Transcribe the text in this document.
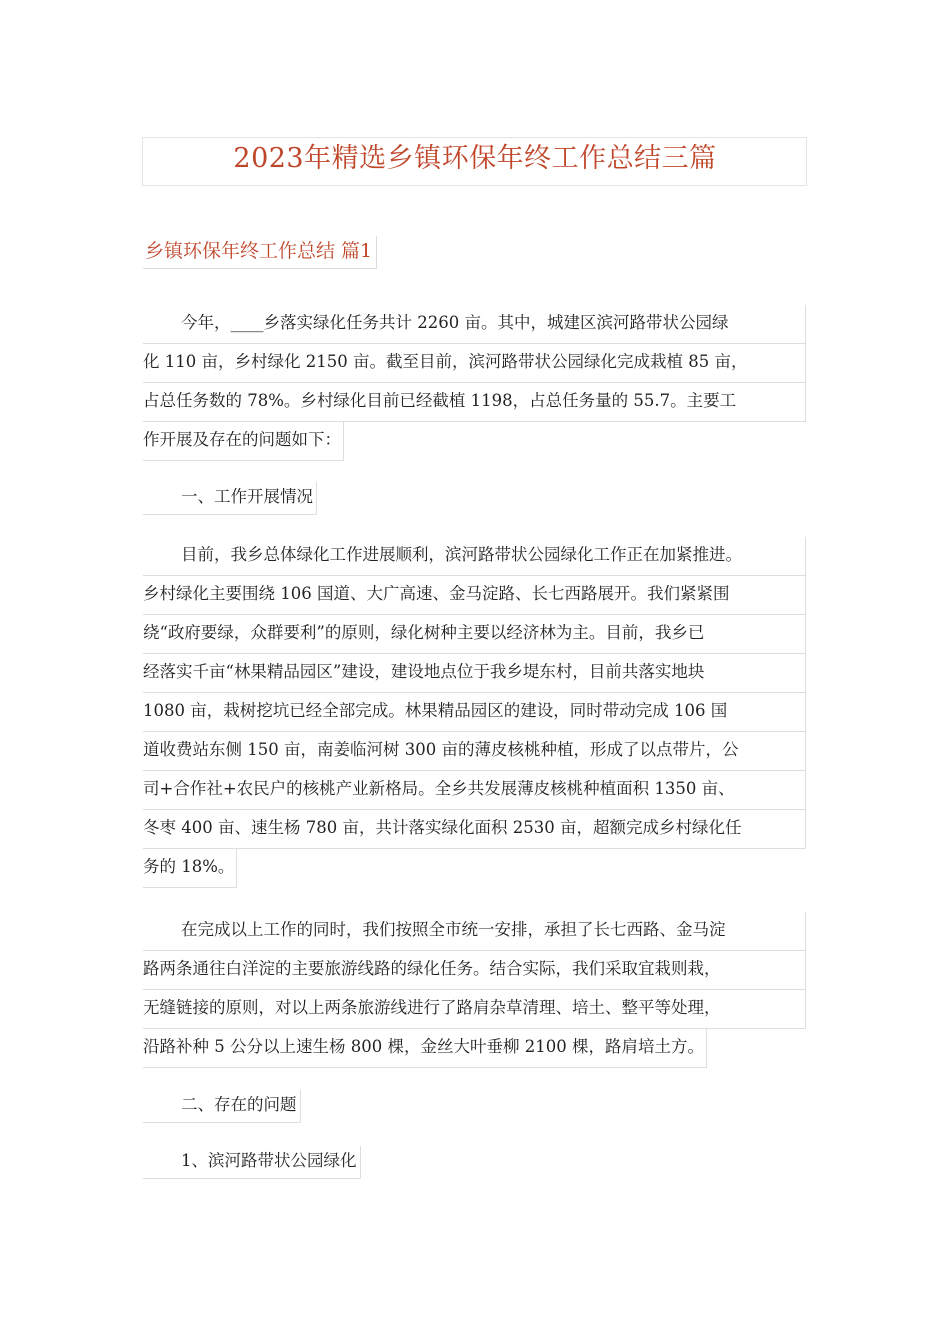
2023年精选乡镇环保年终工作总结三篇
乡镇环保年终工作总结 篇1
今年，____乡落实绿化任务共计 2260 亩。其中，城建区滨河路带状公园绿
化 110 亩，乡村绿化 2150 亩。截至目前，滨河路带状公园绿化完成栽植 85 亩，
占总任务数的 78%。乡村绿化目前已经截植 1198，占总任务量的 55.7。主要工
作开展及存在的问题如下：
一、工作开展情况
目前，我乡总体绿化工作进展顺利，滨河路带状公园绿化工作正在加紧推进。
乡村绿化主要围绕 106 国道、大广高速、金马淀路、长七西路展开。我们紧紧围
绕“政府要绿，众群要利”的原则，绿化树种主要以经济林为主。目前，我乡已
经落实千亩“林果精品园区”建设，建设地点位于我乡堤东村，目前共落实地块
1080 亩，栽树挖坑已经全部完成。林果精品园区的建设，同时带动完成 106 国
道收费站东侧 150 亩，南姜临河树 300 亩的薄皮核桃种植，形成了以点带片，公
司+合作社+农民户的核桃产业新格局。全乡共发展薄皮核桃种植面积 1350 亩、
冬枣 400 亩、速生杨 780 亩，共计落实绿化面积 2530 亩，超额完成乡村绿化任
务的 18%。
在完成以上工作的同时，我们按照全市统一安排，承担了长七西路、金马淀
路两条通往白洋淀的主要旅游线路的绿化任务。结合实际，我们采取宜栽则栽，
无缝链接的原则，对以上两条旅游线进行了路肩杂草清理、培土、整平等处理，
沿路补种 5 公分以上速生杨 800 棵，金丝大叶垂柳 2100 棵，路肩培土方。
二、存在的问题
1、滨河路带状公园绿化
